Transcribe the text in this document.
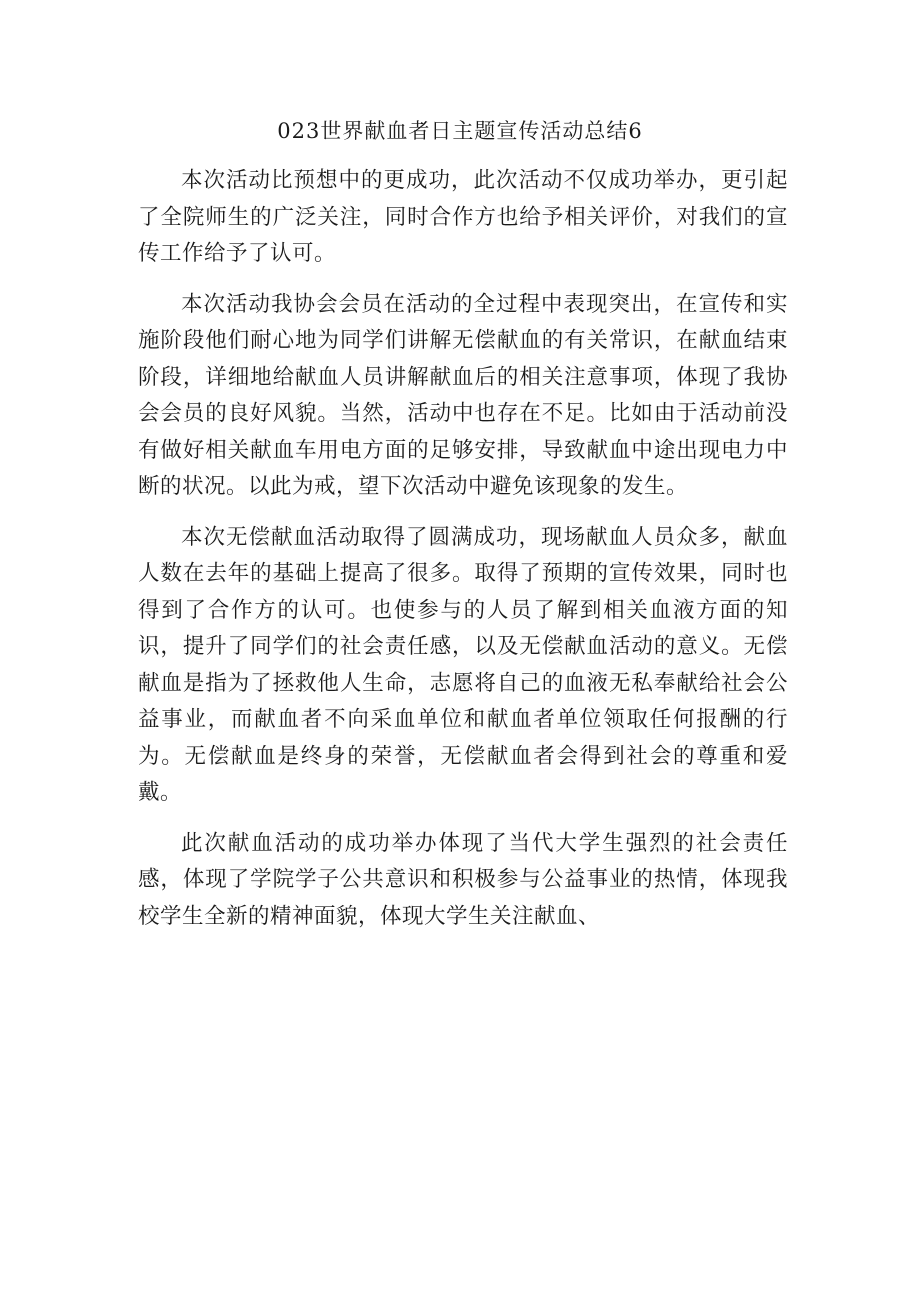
023世界献血者日主题宣传活动总结6

本次活动比预想中的更成功，此次活动不仅成功举办，更引起了全院师生的广泛关注，同时合作方也给予相关评价，对我们的宣传工作给予了认可。

本次活动我协会会员在活动的全过程中表现突出，在宣传和实施阶段他们耐心地为同学们讲解无偿献血的有关常识，在献血结束阶段，详细地给献血人员讲解献血后的相关注意事项，体现了我协会会员的良好风貌。当然，活动中也存在不足。比如由于活动前没有做好相关献血车用电方面的足够安排，导致献血中途出现电力中断的状况。以此为戒，望下次活动中避免该现象的发生。

本次无偿献血活动取得了圆满成功，现场献血人员众多，献血人数在去年的基础上提高了很多。取得了预期的宣传效果，同时也得到了合作方的认可。也使参与的人员了解到相关血液方面的知识，提升了同学们的社会责任感，以及无偿献血活动的意义。无偿献血是指为了拯救他人生命，志愿将自己的血液无私奉献给社会公益事业，而献血者不向采血单位和献血者单位领取任何报酬的行为。无偿献血是终身的荣誉，无偿献血者会得到社会的尊重和爱戴。

此次献血活动的成功举办体现了当代大学生强烈的社会责任感，体现了学院学子公共意识和积极参与公益事业的热情，体现我校学生全新的精神面貌，体现大学生关注献血、
